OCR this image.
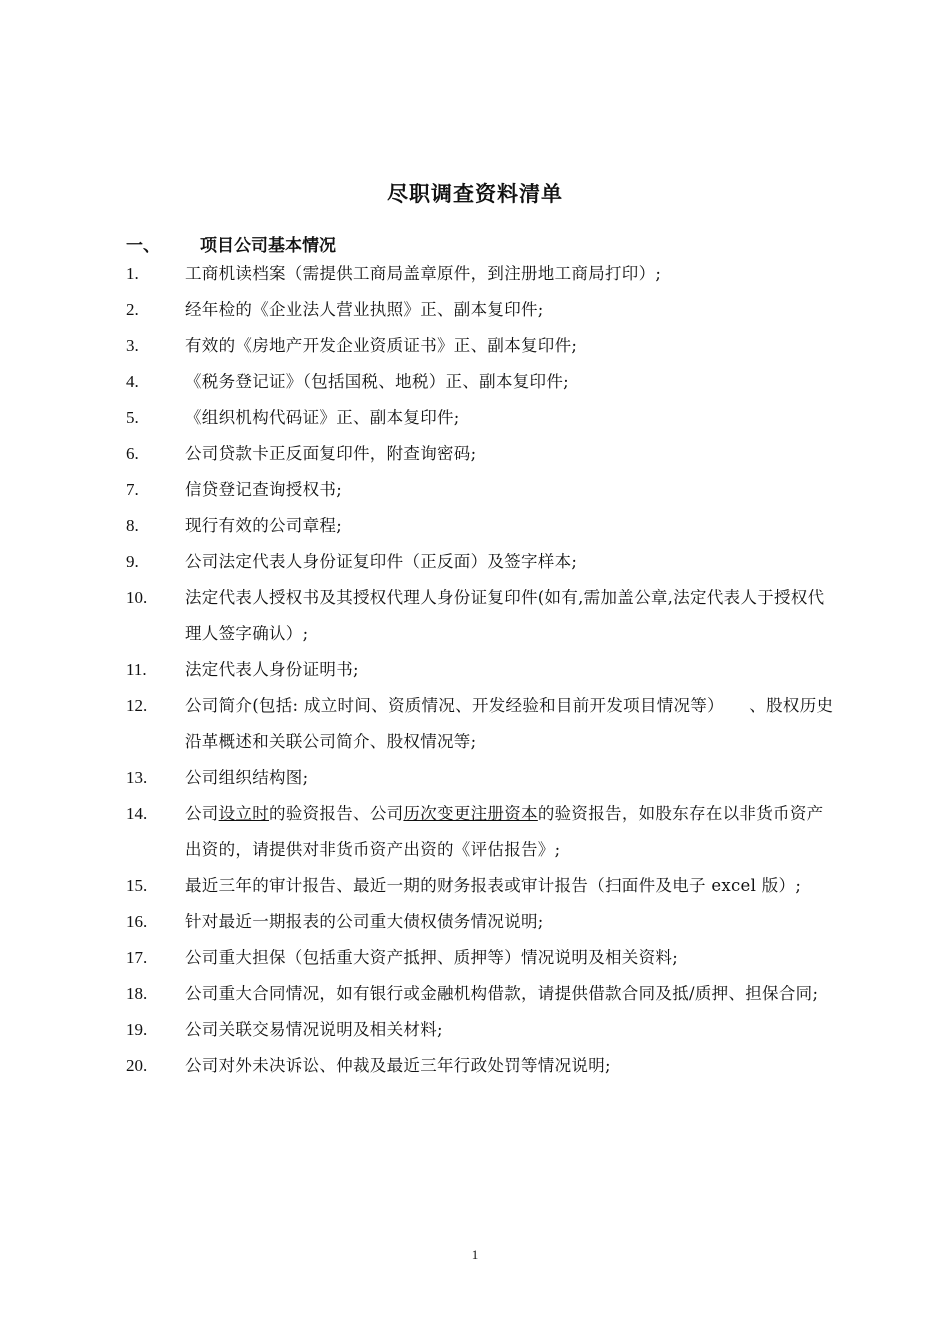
尽职调查资料清单
一、 项目公司基本情况
1.	工商机读档案（需提供工商局盖章原件，到注册地工商局打印）;
2.	经年检的《企业法人营业执照》正、副本复印件;
3.	有效的《房地产开发企业资质证书》正、副本复印件;
4.	《税务登记证》（包括国税、地税）正、副本复印件;
5.	《组织机构代码证》正、副本复印件;
6.	公司贷款卡正反面复印件，附查询密码;
7.	信贷登记查询授权书;
8.	现行有效的公司章程;
9.	公司法定代表人身份证复印件（正反面）及签字样本;
10. 法定代表人授权书及其授权代理人身份证复印件(如有,需加盖公章,法定代表人于授权代理人签字确认）;
11. 法定代表人身份证明书;
12. 公司简介(包括: 成立时间、资质情况、开发经验和目前开发项目情况等）　　、股权历史沿革概述和关联公司简介、股权情况等;
13. 公司组织结构图;
14. 公司设立时的验资报告、公司历次变更注册资本的验资报告，如股东存在以非货币资产出资的，请提供对非货币资产出资的《评估报告》;
15. 最近三年的审计报告、最近一期的财务报表或审计报告（扫面件及电子 excel 版）;
16. 针对最近一期报表的公司重大债权债务情况说明;
17. 公司重大担保（包括重大资产抵押、质押等）情况说明及相关资料;
18. 公司重大合同情况，如有银行或金融机构借款，请提供借款合同及抵/质押、担保合同;
19. 公司关联交易情况说明及相关材料;
20. 公司对外未决诉讼、仲裁及最近三年行政处罚等情况说明;
1
